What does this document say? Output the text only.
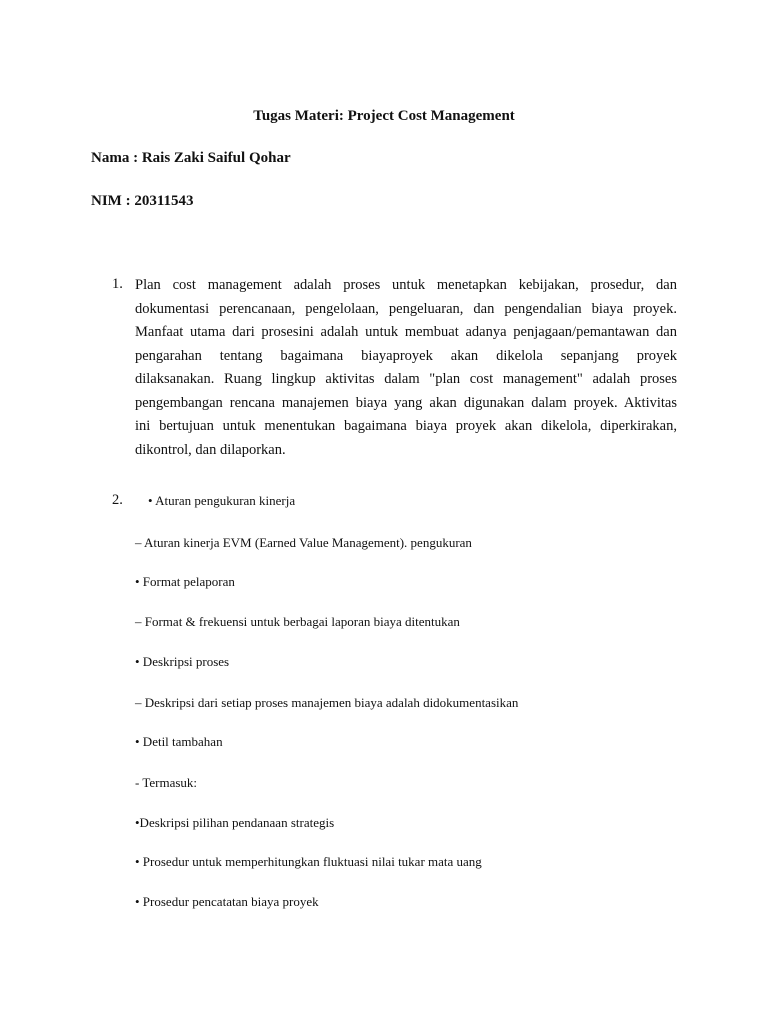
Tugas Materi: Project Cost Management

Nama : Rais Zaki Saiful Qohar

NIM : 20311543

1. Plan cost management adalah proses untuk menetapkan kebijakan, prosedur, dan
dokumentasi perencanaan, pengelolaan, pengeluaran, dan pengendalian biaya proyek.
Manfaat utama dari prosesini adalah untuk membuat adanya penjagaan/pemantawan dan
pengarahan tentang bagaimana biayaproyek akan dikelola sepanjang proyek
dilaksanakan. Ruang lingkup aktivitas dalam "plan cost management" adalah proses
pengembangan rencana manajemen biaya yang akan digunakan dalam proyek. Aktivitas
ini bertujuan untuk menentukan bagaimana biaya proyek akan dikelola, diperkirakan,
dikontrol, dan dilaporkan.

2. • Aturan pengukuran kinerja

– Aturan kinerja EVM (Earned Value Management). pengukuran

• Format pelaporan

– Format & frekuensi untuk berbagai laporan biaya ditentukan

• Deskripsi proses

– Deskripsi dari setiap proses manajemen biaya adalah didokumentasikan

• Detil tambahan

- Termasuk:

•Deskripsi pilihan pendanaan strategis

• Prosedur untuk memperhitungkan fluktuasi nilai tukar mata uang

• Prosedur pencatatan biaya proyek
